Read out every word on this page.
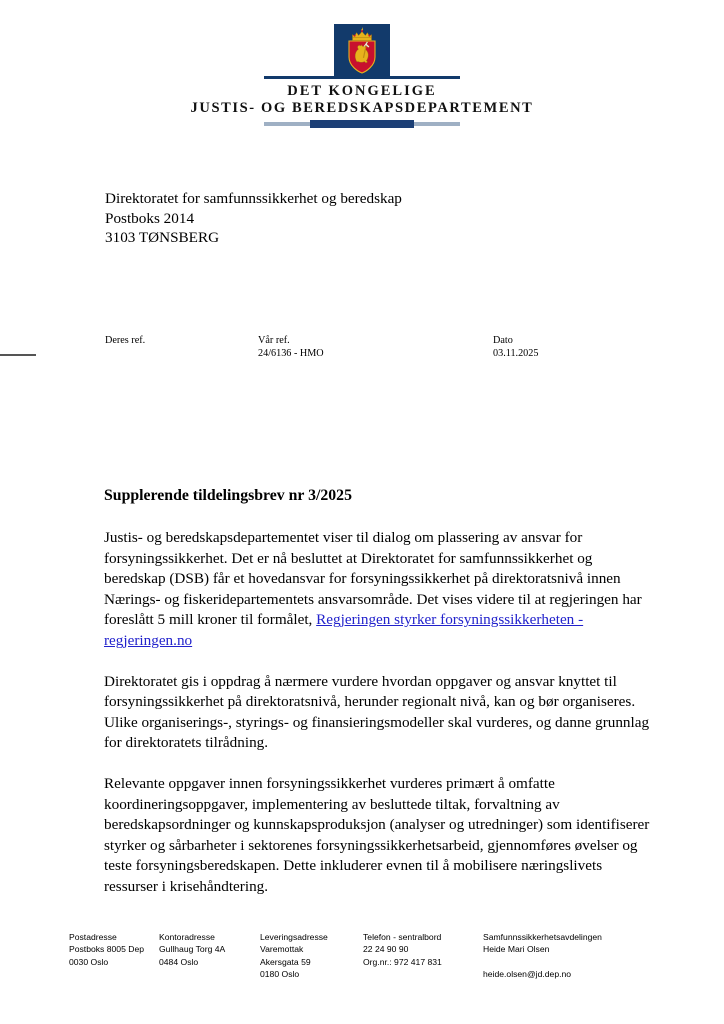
DET KONGELIGE
JUSTIS- OG BEREDSKAPSDEPARTEMENT
Direktoratet for samfunnssikkerhet og beredskap
Postboks 2014
3103 TØNSBERG
Deres ref.	Vår ref.
24/6136 - HMO
Dato
03.11.2025
Supplerende tildelingsbrev nr 3/2025

Justis- og beredskapsdepartementet viser til dialog om plassering av ansvar for forsyningssikkerhet. Det er nå besluttet at Direktoratet for samfunnssikkerhet og beredskap (DSB) får et hovedansvar for forsyningssikkerhet på direktoratsnivå innen Nærings- og fiskeridepartementets ansvarsområde. Det vises videre til at regjeringen har foreslått 5 mill kroner til formålet, Regjeringen styrker forsyningssikkerheten - regjeringen.no

Direktoratet gis i oppdrag å nærmere vurdere hvordan oppgaver og ansvar knyttet til forsyningssikkerhet på direktoratsnivå, herunder regionalt nivå, kan og bør organiseres. Ulike organiserings-, styrings- og finansieringsmodeller skal vurderes, og danne grunnlag for direktoratets tilrådning.

Relevante oppgaver innen forsyningssikkerhet vurderes primært å omfatte koordineringsoppgaver, implementering av besluttede tiltak, forvaltning av beredskapsordninger og kunnskapsproduksjon (analyser og utredninger) som identifiserer styrker og sårbarheter i sektorenes forsyningssikkerhetsarbeid, gjennomføres øvelser og teste forsyningsberedskapen. Dette inkluderer evnen til å mobilisere næringslivets ressurser i krisehåndtering.

Postadresse
Postboks 8005 Dep
0030 Oslo
Kontoradresse
Gullhaug Torg 4A
0484 Oslo
Leveringsadresse
Varemottak
Akersgata 59
0180 Oslo
Telefon - sentralbord
22 24 90 90
Org.nr.: 972 417 831
Samfunnssikkerhetsavdelingen
Heide Mari Olsen
heide.olsen@jd.dep.no
